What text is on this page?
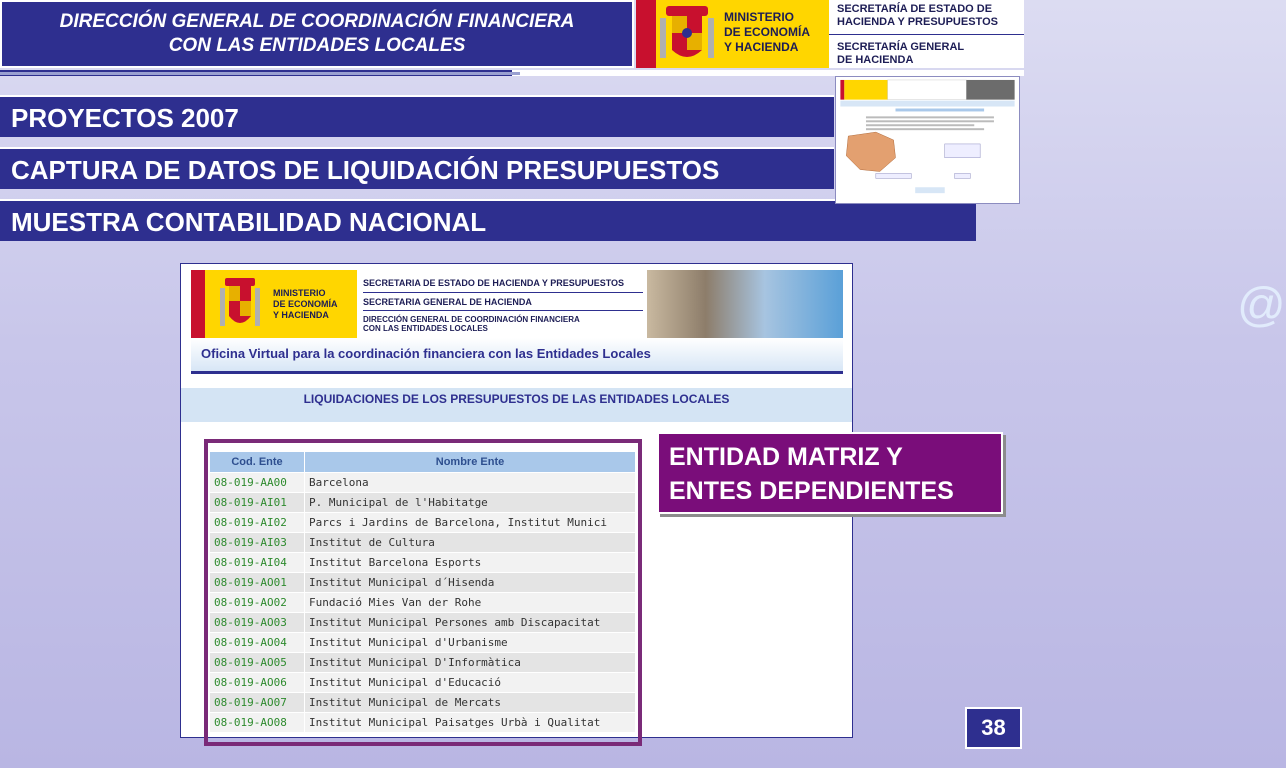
DIRECCIÓN GENERAL DE COORDINACIÓN FINANCIERA
CON LAS ENTIDADES LOCALES
MINISTERIO
DE ECONOMÍA
Y HACIENDA
SECRETARÍA DE ESTADO DE
HACIENDA Y PRESUPUESTOS
SECRETARÍA GENERAL
DE HACIENDA
PROYECTOS 2007
CAPTURA DE DATOS DE LIQUIDACIÓN PRESUPUESTOS
MUESTRA CONTABILIDAD NACIONAL
MINISTERIO
DE ECONOMÍA
Y HACIENDA
SECRETARIA DE ESTADO DE HACIENDA Y PRESUPUESTOS
SECRETARIA GENERAL DE HACIENDA
DIRECCIÓN GENERAL DE COORDINACIÓN FINANCIERA
CON LAS ENTIDADES LOCALES	@
Oficina Virtual para la coordinación financiera con las Entidades Locales
LIQUIDACIONES DE LOS PRESUPUESTOS DE LAS ENTIDADES LOCALES
Cod. Ente	Nombre Ente
08-019-AA00	Barcelona
08-019-AI01	P. Municipal de l'Habitatge
08-019-AI02	Parcs i Jardins de Barcelona, Institut Munici
08-019-AI03	Institut de Cultura
08-019-AI04	Institut Barcelona Esports
08-019-AO01	Institut Municipal d´Hisenda
08-019-AO02	Fundació Mies Van der Rohe
08-019-AO03	Institut Municipal Persones amb Discapacitat
08-019-AO04	Institut Municipal d'Urbanisme
08-019-AO05	Institut Municipal D'Informàtica
08-019-AO06	Institut Municipal d'Educació
08-019-AO07	Institut Municipal de Mercats
08-019-AO08	Institut Municipal Paisatges Urbà i Qualitat
ENTIDAD MATRIZ Y
ENTES DEPENDIENTES
38
